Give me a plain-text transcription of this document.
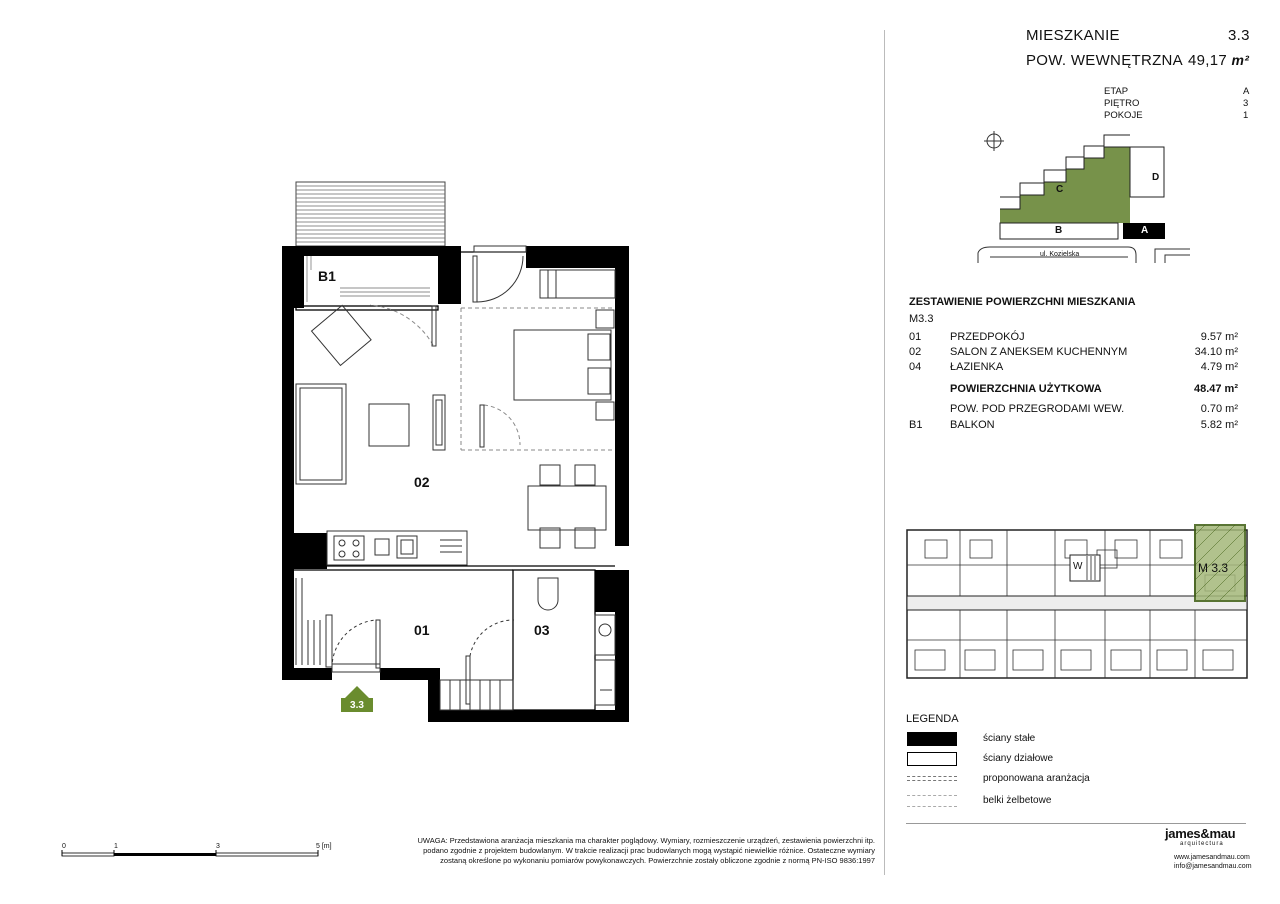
B1
02
01	03
3.3
MIESZKANIE	3.3
POW. WEWNĘTRZNA 49,17 m²
ETAP	A
PIĘTRO	3
POKOJE	1
C
D
B	A
ul. Kozielska
ZESTAWIENIE POWIERZCHNI MIESZKANIA
M3.3
01	PRZEDPOKÓJ	9.57 m²
02	SALON Z ANEKSEM KUCHENNYM	34.10 m²
04	ŁAZIENKA	4.79 m²
POWIERZCHNIA UŻYTKOWA	48.47 m²
POW. POD PRZEGRODAMI WEW.	0.70 m²
B1	BALKON	5.82 m²
M 3.3
W
LEGENDA
ściany stałe
ściany działowe
proponowana aranżacja
belki żelbetowe
james&mau
arquitectura
www.jamesandmau.com
info@jamesandmau.com
0	1	3	5 [m]
UWAGA: Przedstawiona aranżacja mieszkania ma charakter poglądowy. Wymiary, rozmieszczenie urządzeń, zestawienia powierzchni itp.
podano zgodnie z projektem budowlanym. W trakcie realizacji prac budowlanych mogą wystąpić niewielkie różnice. Ostateczne wymiary
zostaną określone po wykonaniu pomiarów powykonawczych. Powierzchnie zostały obliczone zgodnie z normą PN-ISO 9836:1997
